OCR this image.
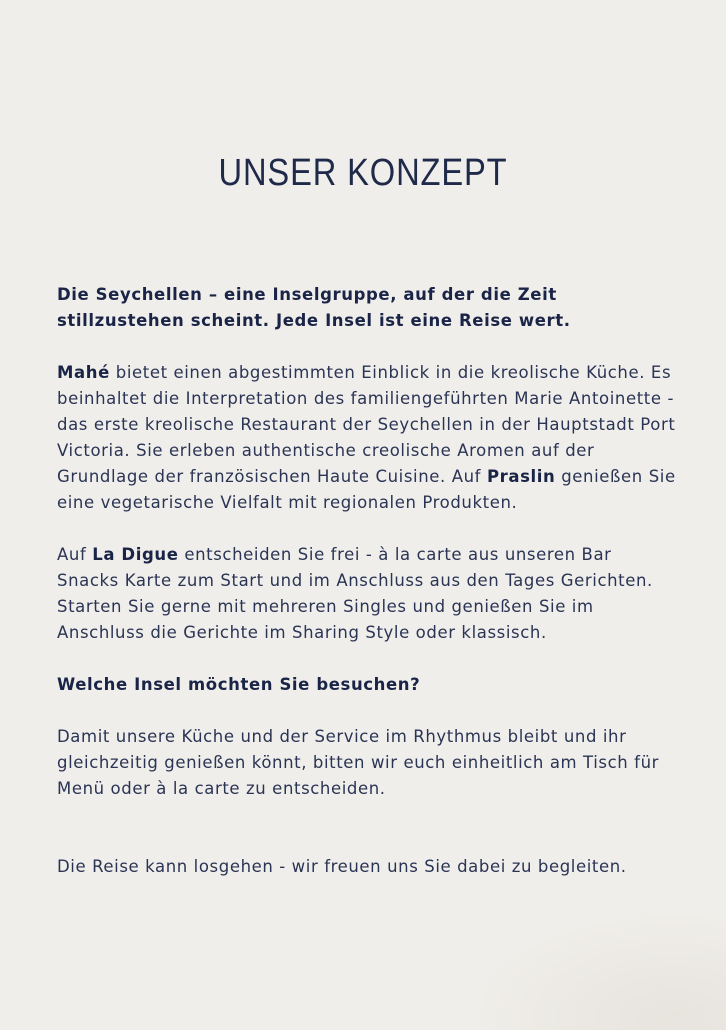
UNSER KONZEPT

Die Seychellen – eine Inselgruppe, auf der die Zeit
stillzustehen scheint. Jede Insel ist eine Reise wert.

Mahé bietet einen abgestimmten Einblick in die kreolische Küche. Es beinhaltet die Interpretation des familiengeführten Marie Antoinette - das erste kreolische Restaurant der Seychellen in der Hauptstadt Port Victoria. Sie erleben authentische creolische Aromen auf der Grundlage der französischen Haute Cuisine. Auf Praslin genießen Sie eine vegetarische Vielfalt mit regionalen Produkten.

Auf La Digue entscheiden Sie frei - à la carte aus unseren Bar Snacks Karte zum Start und im Anschluss aus den Tages Gerichten. Starten Sie gerne mit mehreren Singles und genießen Sie im Anschluss die Gerichte im Sharing Style oder klassisch.

Welche Insel möchten Sie besuchen?

Damit unsere Küche und der Service im Rhythmus bleibt und ihr gleichzeitig genießen könnt, bitten wir euch einheitlich am Tisch für Menü oder à la carte zu entscheiden.

Die Reise kann losgehen - wir freuen uns Sie dabei zu begleiten.
